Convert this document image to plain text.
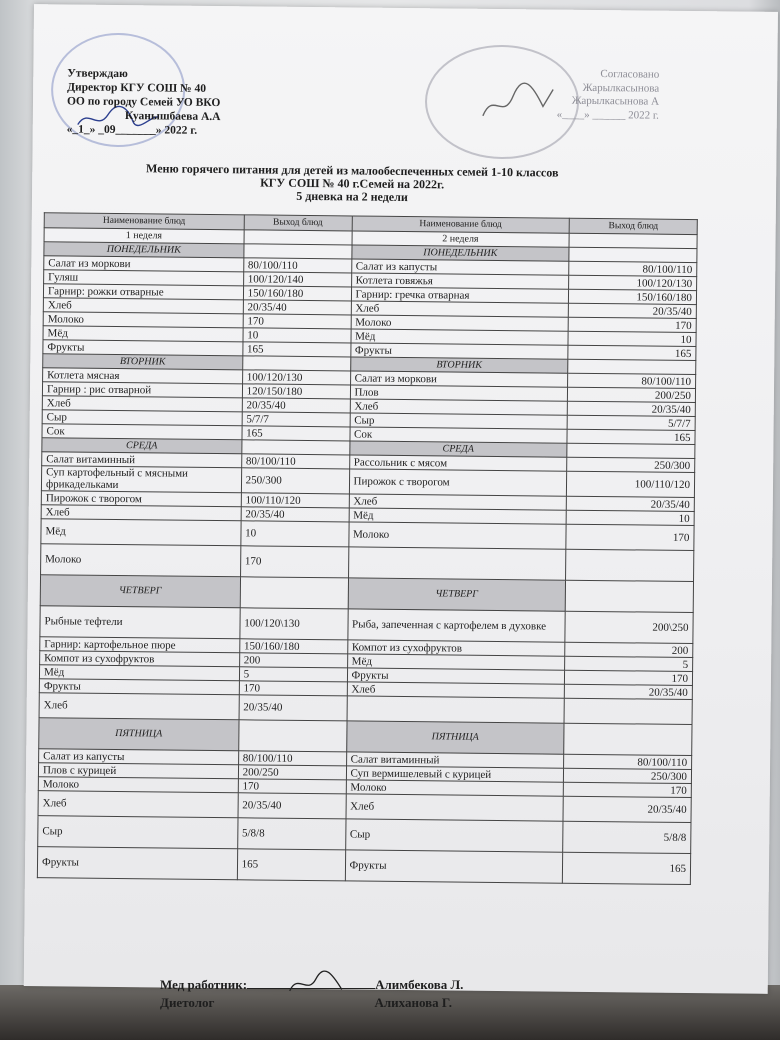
Утверждаю
Директор КГУ СОШ № 40
ОО по городу Семей УО ВКО
Куанышбаева А.А
«_1_» _09_______» 2022 г.
Согласовано
Жарылкасынова
Жарылкасынова А
«____» ______ 2022 г.
Меню горячего питания для детей из малообеспеченных семей 1-10 классов
КГУ СОШ № 40 г.Семей на 2022г.
5 дневка на 2 недели
Наименование блюд	Выход блюд	Наименование блюд	Выход блюд
1 неделя		2 неделя	
ПОНЕДЕЛЬНИК		ПОНЕДЕЛЬНИК	
Салат из моркови	80/100/110	Салат из капусты	80/100/110
Гуляш	100/120/140	Котлета говяжья	100/120/130
Гарнир: рожки отварные	150/160/180	Гарнир: гречка отварная	150/160/180
Хлеб	20/35/40	Хлеб	20/35/40
Молоко	170	Молоко	170
Мёд	10	Мёд	10
Фрукты	165	Фрукты	165
ВТОРНИК		ВТОРНИК	
Котлета мясная	100/120/130	Салат из моркови	80/100/110
Гарнир : рис отварной	120/150/180	Плов	200/250
Хлеб	20/35/40	Хлеб	20/35/40
Сыр	5/7/7	Сыр	5/7/7
Сок	165	Сок	165
СРЕДА		СРЕДА	
Салат витаминный	80/100/110	Рассольник с мясом	250/300
Суп картофельный с мясными фрикадельками	250/300	Пирожок с творогом	100/110/120
Пирожок с творогом	100/110/120	Хлеб	20/35/40
Хлеб	20/35/40	Мёд	10
Мёд	10	Молоко	170
Молоко	170		
ЧЕТВЕРГ		ЧЕТВЕРГ	
Рыбные тефтели	100/120\130	Рыба, запеченная с картофелем в духовке	200\250
Гарнир: картофельное пюре	150/160/180	Компот из сухофруктов	200
Компот из сухофруктов	200	Мёд	5
Мёд	5	Фрукты	170
Фрукты	170	Хлеб	20/35/40
Хлеб	20/35/40		
ПЯТНИЦА		ПЯТНИЦА	
Салат из капусты	80/100/110	Салат витаминный	80/100/110
Плов с курицей	200/250	Суп вермишелевый с курицей	250/300
Молоко	170	Молоко	170
Хлеб	20/35/40	Хлеб	20/35/40
Сыр	5/8/8	Сыр	5/8/8
Фрукты	165	Фрукты	165
Мед работник:	Алимбекова Л.
Диетолог	Алиханова Г.
